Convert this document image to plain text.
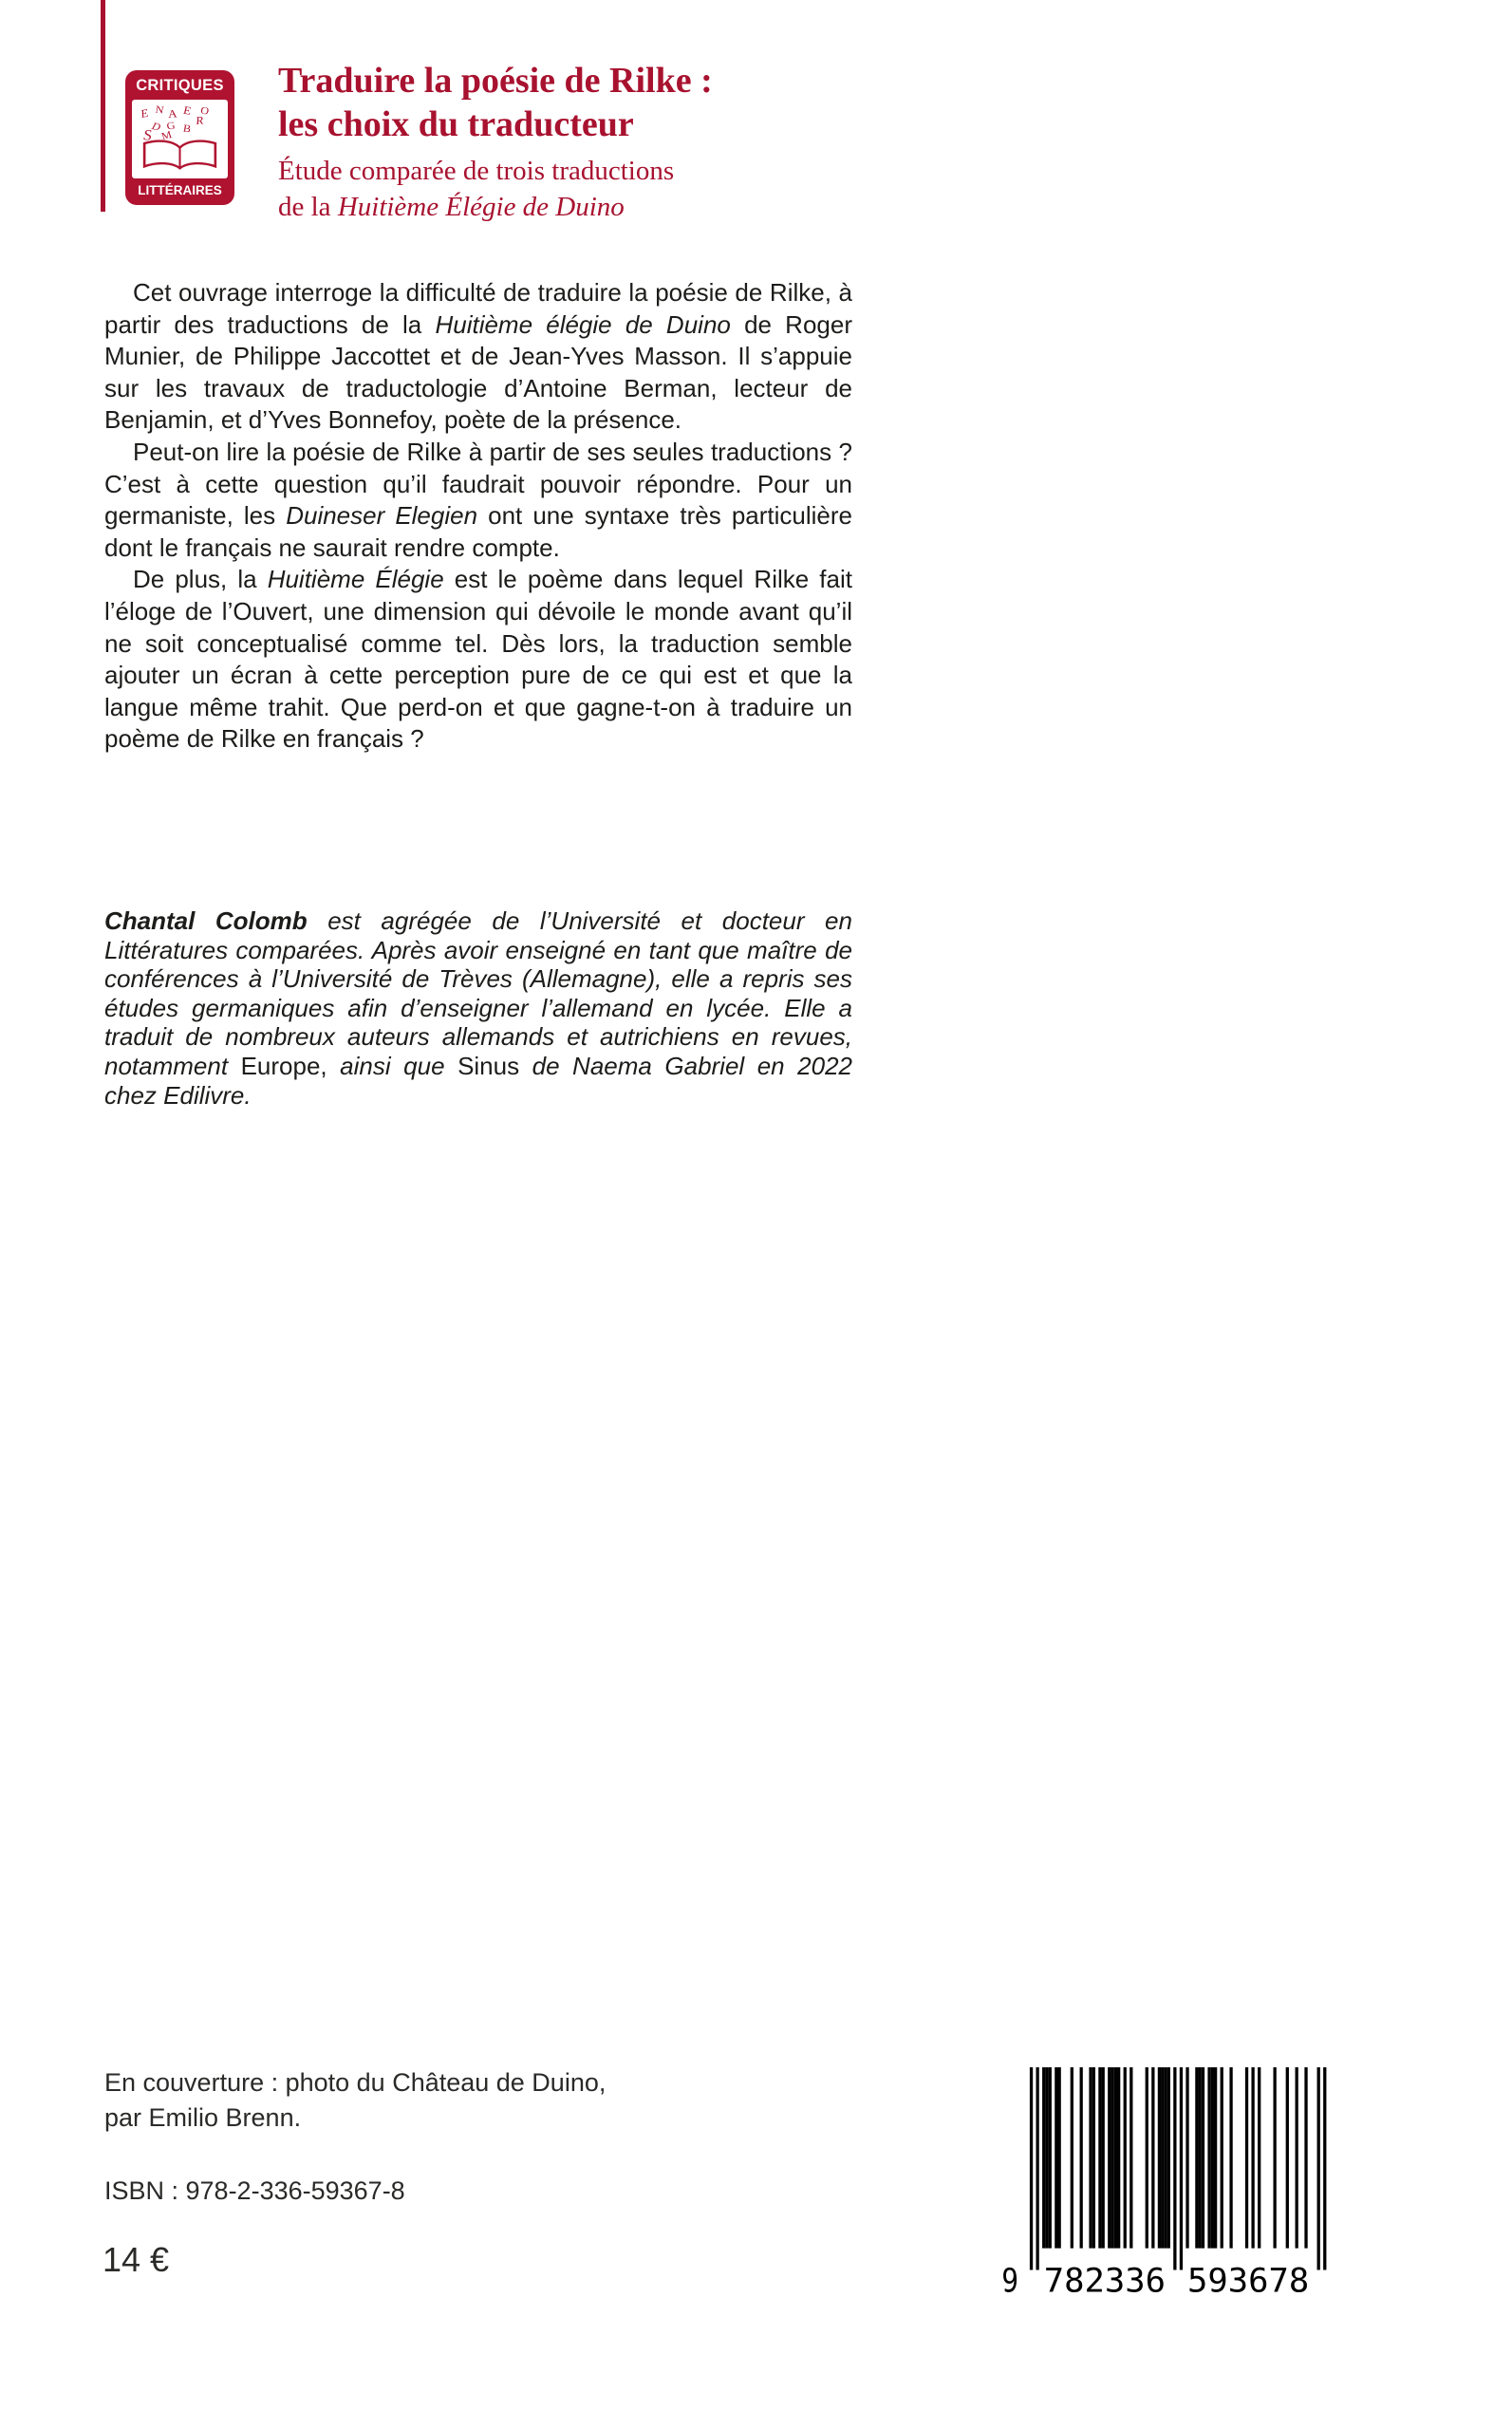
CRITIQUES
E N A
D G
E
S M
B
R
O
LITTÉRAIRES
Traduire la poésie de Rilke :
les choix du traducteur
Étude comparée de trois traductions
de la Huitième Élégie de Duino

Cet ouvrage interroge la difficulté de traduire la poésie de Rilke, à partir des traductions de la Huitième élégie de Duino de Roger Munier, de Philippe Jaccottet et de Jean-Yves Masson. Il s’appuie sur les travaux de traductologie d’Antoine Berman, lecteur de Benjamin, et d’Yves Bonnefoy, poète de la présence.

Peut-on lire la poésie de Rilke à partir de ses seules traductions ? C’est à cette question qu’il faudrait pouvoir répondre. Pour un germaniste, les Duineser Elegien ont une syntaxe très particulière dont le français ne saurait rendre compte.

De plus, la Huitième Élégie est le poème dans lequel Rilke fait l’éloge de l’Ouvert, une dimension qui dévoile le monde avant qu’il ne soit conceptualisé comme tel. Dès lors, la traduction semble ajouter un écran à cette perception pure de ce qui est et que la langue même trahit. Que perd-on et que gagne-t-on à traduire un poème de Rilke en français ?

Chantal Colomb est agrégée de l’Université et docteur en Littératures comparées. Après avoir enseigné en tant que maître de conférences à l’Université de Trèves (Allemagne), elle a repris ses études germaniques afin d’enseigner l’allemand en lycée. Elle a traduit de nombreux auteurs allemands et autrichiens en revues, notamment Europe, ainsi que Sinus de Naema Gabriel en 2022 chez Edilivre.
En couverture : photo du Château de Duino,
par Emilio Brenn.
ISBN : 978-2-336-59367-8
14 €
9	782336	593678
